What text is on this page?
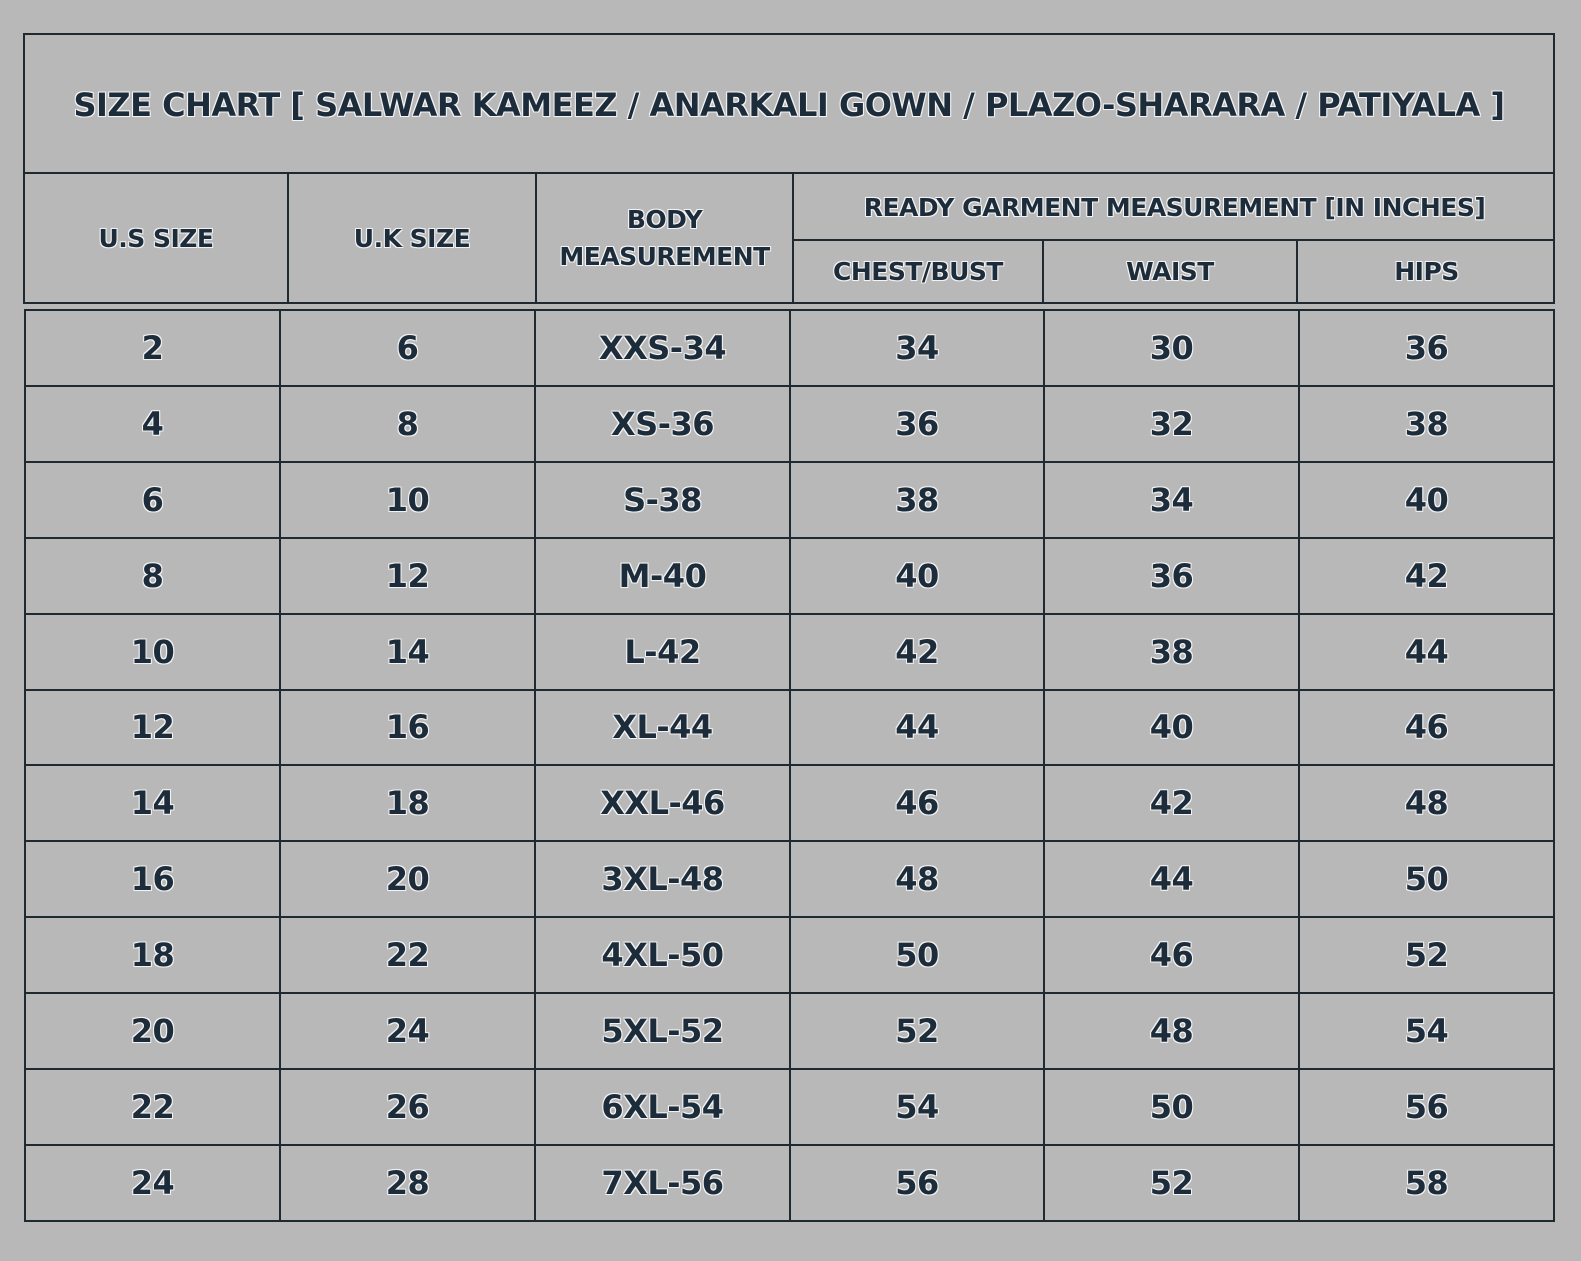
SIZE CHART [ SALWAR KAMEEZ / ANARKALI GOWN / PLAZO-SHARARA / PATIYALA ]
U.S SIZE	U.K SIZE
BODY
MEASUREMENT
READY GARMENT MEASUREMENT [IN INCHES]
CHEST/BUST	WAIST	HIPS
2	6	XXS-34	34	30	36
4	8	XS-36	36	32	38
6	10	S-38	38	34	40
8	12	M-40	40	36	42
10	14	L-42	42	38	44
12	16	XL-44	44	40	46
14	18	XXL-46	46	42	48
16	20	3XL-48	48	44	50
18	22	4XL-50	50	46	52
20	24	5XL-52	52	48	54
22	26	6XL-54	54	50	56
24	28	7XL-56	56	52	58
